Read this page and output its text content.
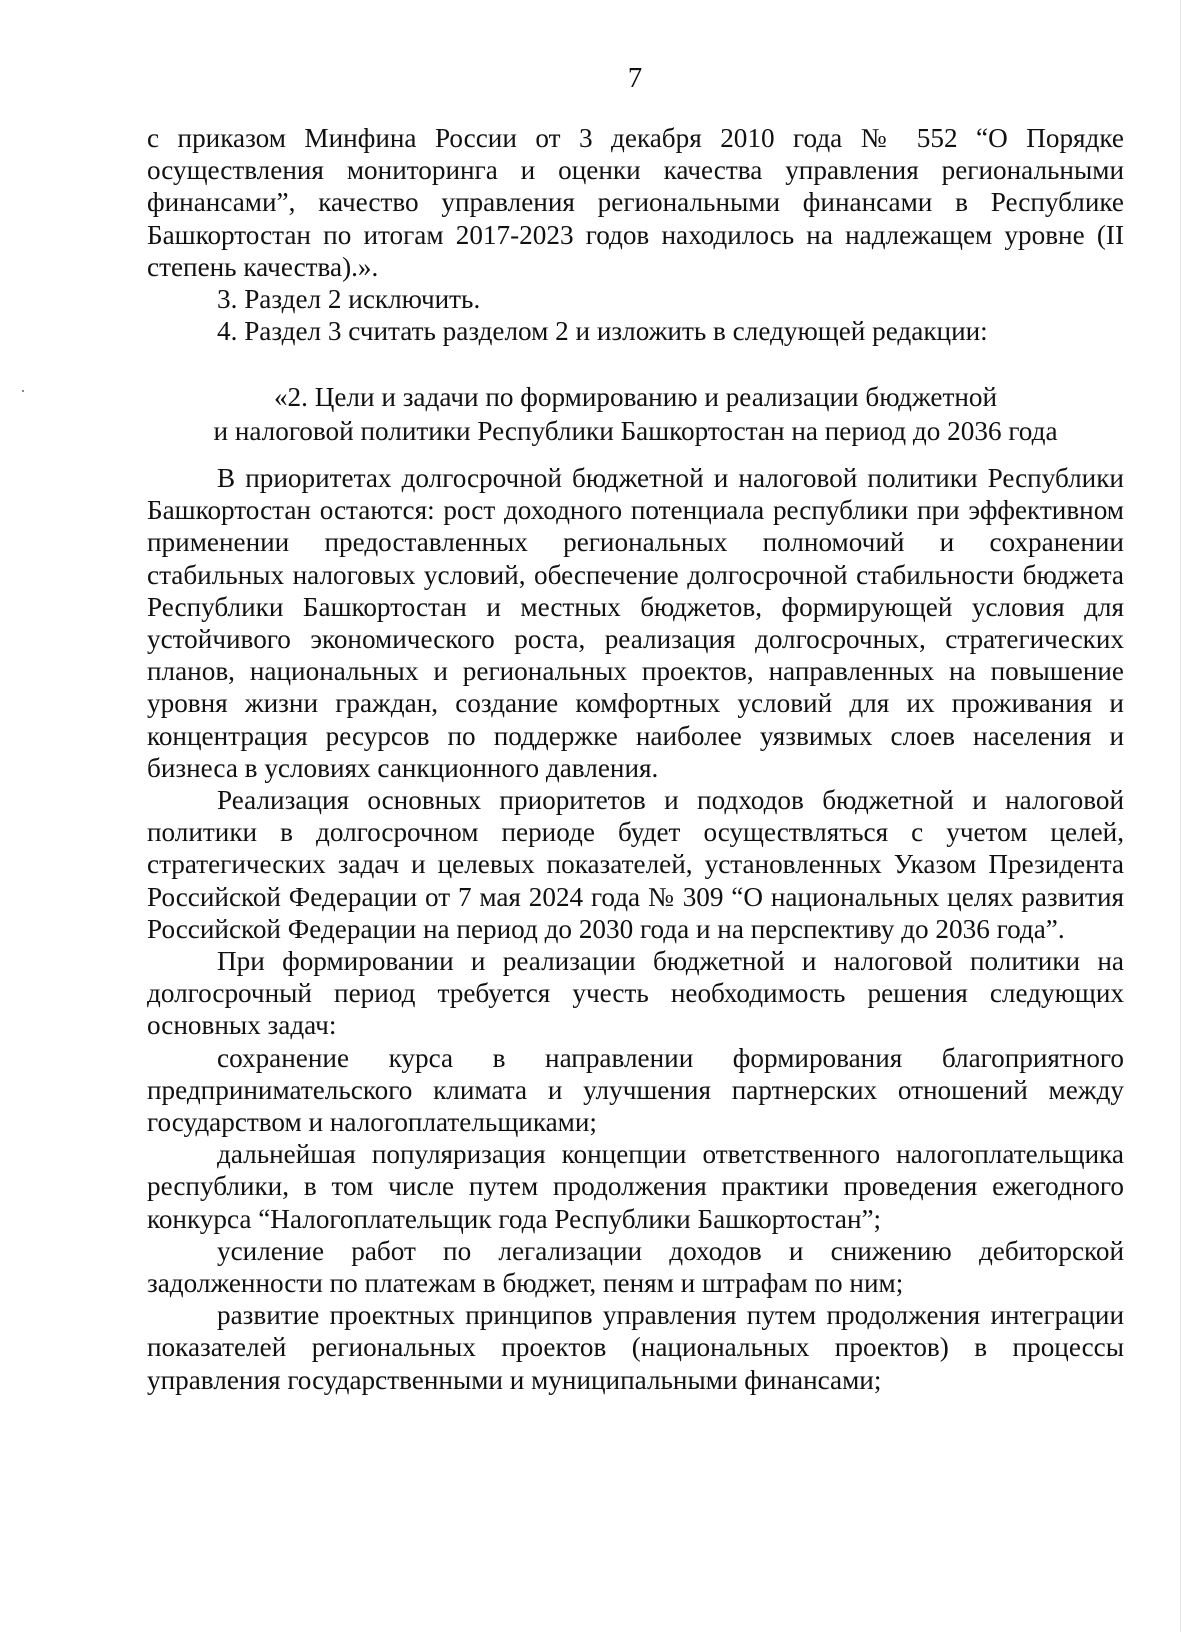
7

с приказом Минфина России от 3 декабря 2010 года № 552 “О Порядке осуществления мониторинга и оценки качества управления региональными финансами”, качество управления региональными финансами в Республике Башкортостан по итогам 2017-2023 годов находилось на надлежащем уровне (II степень качества).».

3. Раздел 2 исключить.

4. Раздел 3 считать разделом 2 и изложить в следующей редакции:

«2. Цели и задачи по формированию и реализации бюджетной
и налоговой политики Республики Башкортостан на период до 2036 года

В приоритетах долгосрочной бюджетной и налоговой политики Республики Башкортостан остаются: рост доходного потенциала республики при эффективном применении предоставленных региональных полномочий и сохранении стабильных налоговых условий, обеспечение долгосрочной стабильности бюджета Республики Башкортостан и местных бюджетов, формирующей условия для устойчивого экономического роста, реализация долгосрочных, стратегических планов, национальных и региональных проектов, направленных на повышение уровня жизни граждан, создание комфортных условий для их проживания и концентрация ресурсов по поддержке наиболее уязвимых слоев населения и бизнеса в условиях санкционного давления.

Реализация основных приоритетов и подходов бюджетной и налоговой политики в долгосрочном периоде будет осуществляться с учетом целей, стратегических задач и целевых показателей, установленных Указом Президента Российской Федерации от 7 мая 2024 года № 309 “О национальных целях развития Российской Федерации на период до 2030 года и на перспективу до 2036 года”.

При формировании и реализации бюджетной и налоговой политики на долгосрочный период требуется учесть необходимость решения следующих основных задач:

сохранение курса в направлении формирования благоприятного предпринимательского климата и улучшения партнерских отношений между государством и налогоплательщиками;

дальнейшая популяризация концепции ответственного налогоплательщика республики, в том числе путем продолжения практики проведения ежегодного конкурса “Налогоплательщик года Республики Башкортостан”;

усиление работ по легализации доходов и снижению дебиторской задолженности по платежам в бюджет, пеням и штрафам по ним;

развитие проектных принципов управления путем продолжения интеграции показателей региональных проектов (национальных проектов) в процессы управления государственными и муниципальными финансами;
